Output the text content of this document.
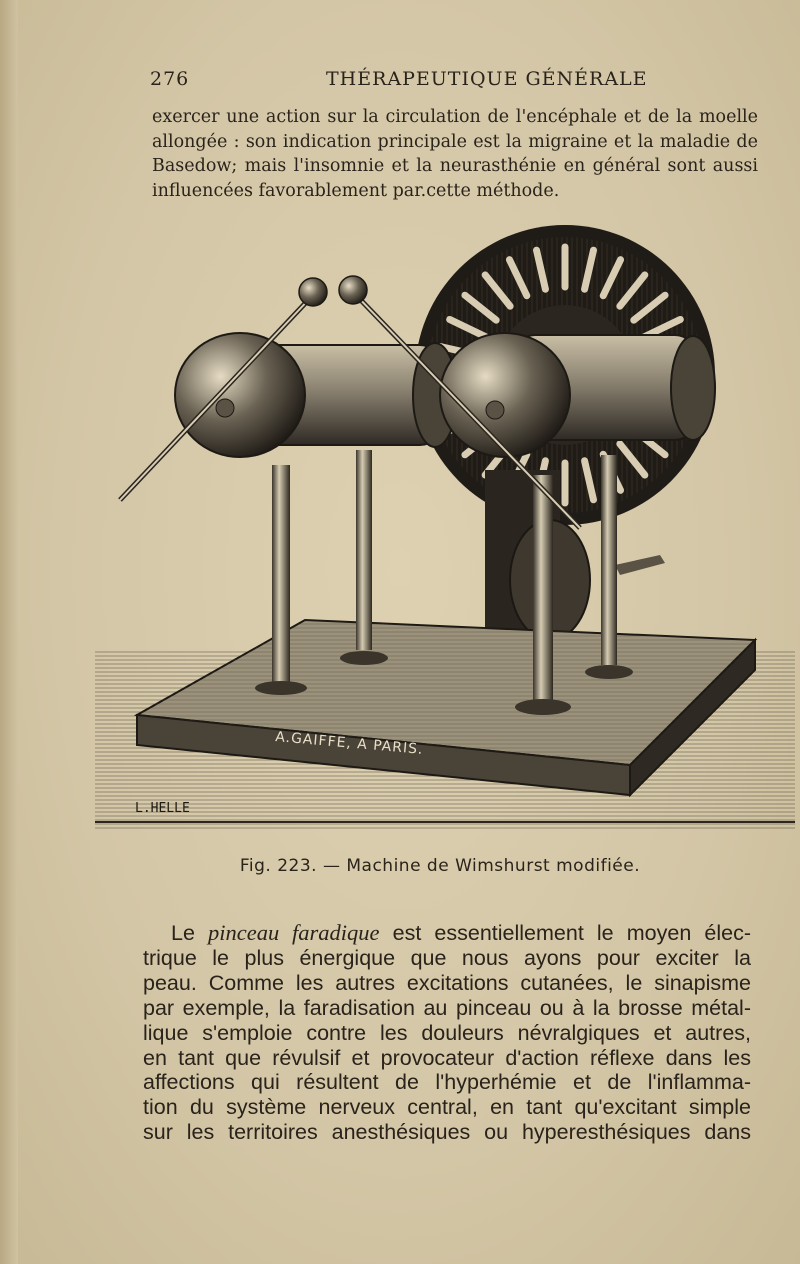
276	THÉRAPEUTIQUE GÉNÉRALE
exercer une action sur la circulation de l'encéphale et de la moelle allongée : son indication principale est la migraine et la maladie de Basedow; mais l'insomnie et la neurasthénie en général sont aussi influencées favorablement par.cette méthode.
A.GAIFFE, A PARIS.
L.HELLE
Fig. 223. — Machine de Wimshurst modifiée.
Le pinceau faradique est essentiellement le moyen élec-
trique le plus énergique que nous ayons pour exciter la
peau. Comme les autres excitations cutanées, le sinapisme
par exemple, la faradisation au pinceau ou à la brosse métal-
lique s'emploie contre les douleurs névralgiques et autres,
en tant que révulsif et provocateur d'action réflexe dans les
affections qui résultent de l'hyperhémie et de l'inflamma-
tion du système nerveux central, en tant qu'excitant simple
sur les territoires anesthésiques ou hyperesthésiques dans
